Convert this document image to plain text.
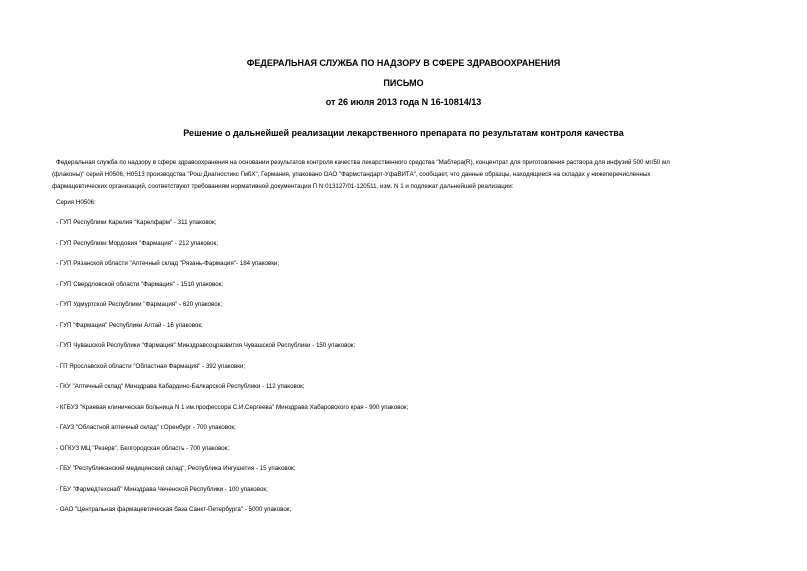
ФЕДЕРАЛЬНАЯ СЛУЖБА ПО НАДЗОРУ В СФЕРЕ ЗДРАВООХРАНЕНИЯ
ПИСЬМО
от 26 июля 2013 года N 16-10814/13
Решение о дальнейшей реализации лекарственного препарата по результатам контроля качества
Федеральная служба по надзору в сфере здравоохранения на основании результатов контроля качества лекарственного средства "Мабтера(R), концентрат для приготовления раствора для инфузий 500 мг/50 мл
(флаконы)" серий Н0506, Н0513 производства "Рош Диагностикс ГмбХ", Германия, упаковано ОАО "Фармстандарт-УфаВИТА", сообщает, что данные образцы, находящиеся на складах у нижеперечисленных
фармацевтических организаций, соответствуют требованиям нормативной документации П N 013127/01-120511, изм. N 1 и подлежат дальнейшей реализации:
Серия Н0506:
- ГУП Республики Карелия "Карелфарм" - 311 упаковок;
- ГУП Республики Мордовия "Фармация" - 212 упаковок;
- ГУП Рязанской области "Аптечный склад "Рязань-Фармация"- 184 упаковки;
- ГУП Свердловской области "Фармация" - 1510 упаковок;
- ГУП Удмуртской Республики "Фармация" - 620 упаковок;
- ГУП "Фармация" Республики Алтай - 16 упаковок;
- ГУП Чувашской Республики "Фармация" Минздравсоцразвития Чувашской Республики - 150 упаковок;
- ГП Ярославской области "Областная Фармация" - 392 упаковки;
- ГКУ "Аптечный склад" Минздрава Кабардино-Балкарской Республики - 112 упаковок;
- КГБУЗ "Краевая клиническая больница N 1 им.профессора С.И.Сергеева" Минздрава Хабаровского края - 900 упаковок;
- ГАУЗ "Областной аптечный склад" г.Оренбург - 700 упаковок;
- ОГКУЗ МЦ "Резерв", Белгородская область - 700 упаковок;
- ГБУ "Республиканский медицинский склад", Республика Ингушетия - 15 упаковок;
- ГБУ "Фармедтехснаб" Минздрава Чеченской Республики - 100 упаковок;
- ОАО "Центральная фармацевтическая база Санкт-Петербурга" - 5000 упаковок;
